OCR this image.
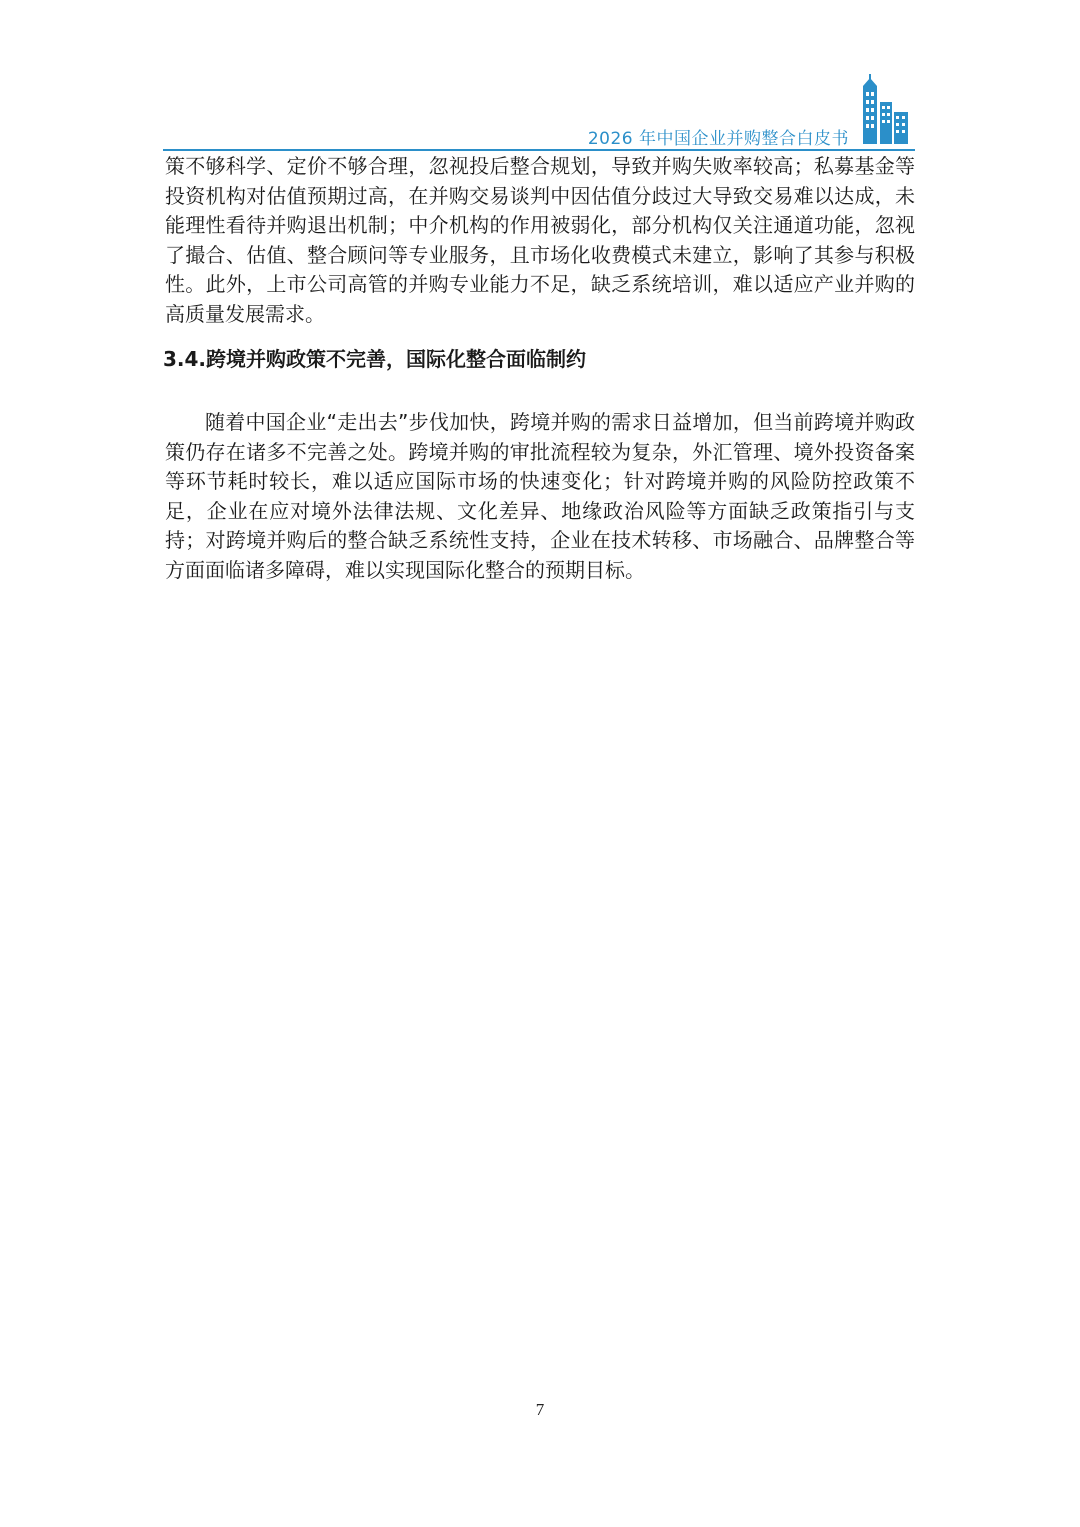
2026 年中国企业并购整合白皮书

策不够科学、定价不够合理，忽视投后整合规划，导致并购失败率较高；私募基金等投资机构对估值预期过高，在并购交易谈判中因估值分歧过大导致交易难以达成，未能理性看待并购退出机制；中介机构的作用被弱化，部分机构仅关注通道功能，忽视了撮合、估值、整合顾问等专业服务，且市场化收费模式未建立，影响了其参与积极性。此外，上市公司高管的并购专业能力不足，缺乏系统培训，难以适应产业并购的高质量发展需求。

3.4.跨境并购政策不完善，国际化整合面临制约

随着中国企业“走出去”步伐加快，跨境并购的需求日益增加，但当前跨境并购政策仍存在诸多不完善之处。跨境并购的审批流程较为复杂，外汇管理、境外投资备案等环节耗时较长，难以适应国际市场的快速变化；针对跨境并购的风险防控政策不足，企业在应对境外法律法规、文化差异、地缘政治风险等方面缺乏政策指引与支持；对跨境并购后的整合缺乏系统性支持，企业在技术转移、市场融合、品牌整合等方面面临诸多障碍，难以实现国际化整合的预期目标。

7
